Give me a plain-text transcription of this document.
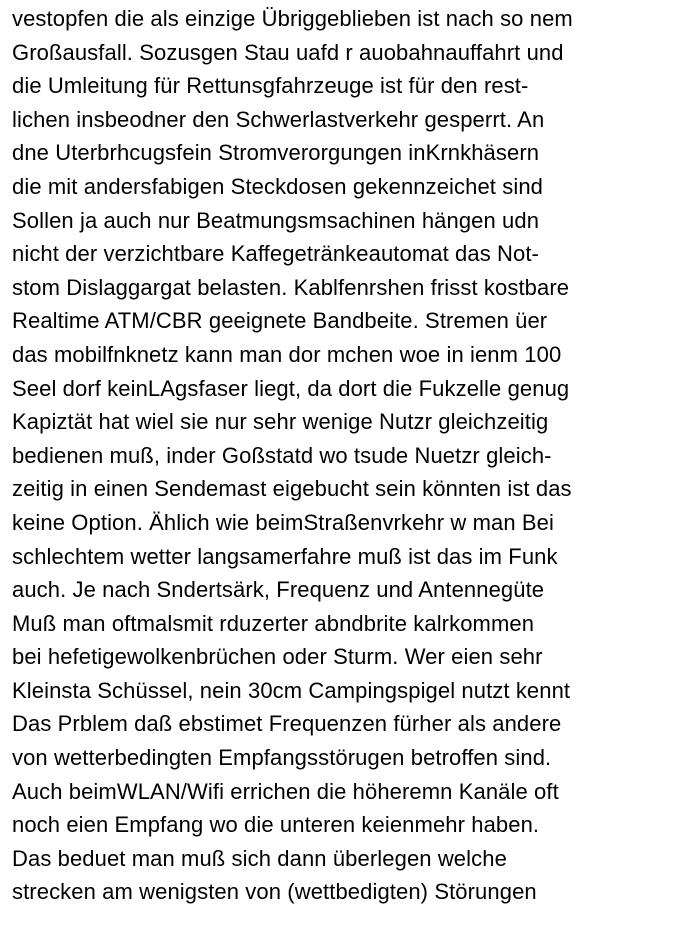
vestopfen die als einzige Übriggeblieben ist nach so nem
Großausfall. Sozusgen Stau uafd r auobahnauffahrt und
die Umleitung für Rettunsgfahrzeuge ist für den rest-
lichen insbeodner den Schwerlastverkehr gesperrt. An
dne Uterbrhcugsfein Stromverorgungen inKrnkhäsern
die mit andersfabigen Steckdosen gekennzeichet sind
Sollen ja auch nur Beatmungsmsachinen hängen udn
nicht der verzichtbare Kaffegetränkeautomat das Not-
stom Dislaggargat belasten. Kablfenrshen frisst kostbare
Realtime ATM/CBR geeignete Bandbeite. Stremen üer
das mobilfnknetz kann man dor mchen woe in ienm 100
Seel dorf keinLAgsfaser liegt, da dort die Fukzelle genug
Kapiztät hat wiel sie nur sehr wenige Nutzr gleichzeitig
bedienen muß, inder Goßstatd wo tsude Nuetzr gleich-
zeitig in einen Sendemast eigebucht sein könnten ist das
keine Option. Ählich wie beimStraßenvrkehr w man Bei
schlechtem wetter langsamerfahre muß ist das im Funk
auch. Je nach Sndertsärk, Frequenz und Antennegüte
Muß man oftmalsmit rduzerter abndbrite kalrkommen
bei hefetigewolkenbrüchen oder Sturm. Wer eien sehr
Kleinsta Schüssel, nein 30cm Campingspigel nutzt kennt
Das Prblem daß ebstimet Frequenzen fürher als andere
von wetterbedingten Empfangsstörugen betroffen sind.
Auch beimWLAN/Wifi errichen die höheremn Kanäle oft
noch eien Empfang wo die unteren keienmehr haben.
Das beduet man muß sich dann überlegen welche
strecken am wenigsten von (wettbedigten) Störungen
